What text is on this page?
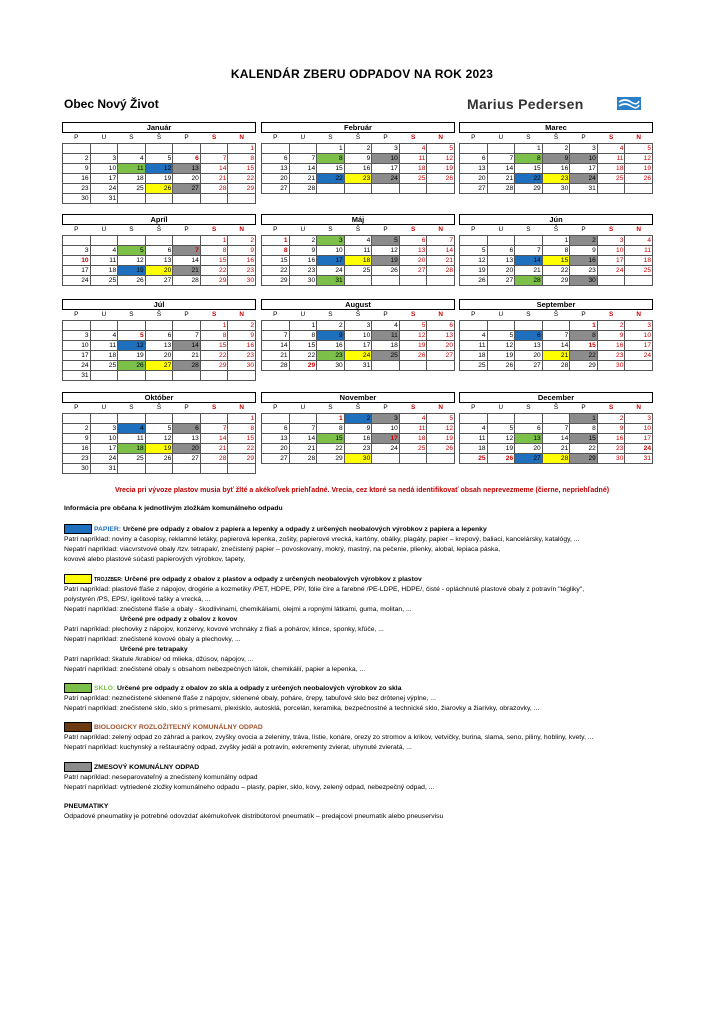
KALENDÁR ZBERU ODPADOV NA ROK 2023
Obec Nový Život	Marius Pedersen
Január
P	U	S	Š	P	S	N
						1
2	3	4	5	6	7	8
9	10	11	12	13	14	15
16	17	18	19	20	21	22
23	24	25	26	27	28	29
30	31					
Február
P	U	S	Š	P	S	N
		1	2	3	4	5
6	7	8	9	10	11	12
13	14	15	16	17	18	19
20	21	22	23	24	25	26
27	28					
Marec
P	U	S	Š	P	S	N
		1	2	3	4	5
6	7	8	9	10	11	12
13	14	15	16	17	18	19
20	21	22	23	24	25	26
27	28	29	30	31		
Apríl
P	U	S	Š	P	S	N
					1	2
3	4	5	6	7	8	9
10	11	12	13	14	15	16
17	18	19	20	21	22	23
24	25	26	27	28	29	30
Máj
P	U	S	Š	P	S	N
1	2	3	4	5	6	7
8	9	10	11	12	13	14
15	16	17	18	19	20	21
22	23	24	25	26	27	28
29	30	31				
Jún
P	U	S	Š	P	S	N
			1	2	3	4
5	6	7	8	9	10	11
12	13	14	15	16	17	18
19	20	21	22	23	24	25
26	27	28	29	30		
Júl
P	U	S	Š	P	S	N
					1	2
3	4	5	6	7	8	9
10	11	12	13	14	15	16
17	18	19	20	21	22	23
24	25	26	27	28	29	30
31						
August
P	U	S	Š	P	S	N
	1	2	3	4	5	6
7	8	9	10	11	12	13
14	15	16	17	18	19	20
21	22	23	24	25	26	27
28	29	30	31			
September
P	U	S	Š	P	S	N
				1	2	3
4	5	6	7	8	9	10
11	12	13	14	15	16	17
18	19	20	21	22	23	24
25	26	27	28	29	30	
Október
P	U	S	Š	P	S	N
						1
2	3	4	5	6	7	8
9	10	11	12	13	14	15
16	17	18	19	20	21	22
23	24	25	26	27	28	29
30	31					
November
P	U	S	Š	P	S	N
		1	2	3	4	5
6	7	8	9	10	11	12
13	14	15	16	17	18	19
20	21	22	23	24	25	26
27	28	29	30			
December
P	U	S	Š	P	S	N
				1	2	3
4	5	6	7	8	9	10
11	12	13	14	15	16	17
18	19	20	21	22	23	24
25	26	27	28	29	30	31
Vrecia pri vývoze plastov musia byť žlté a akékoľvek priehľadné. Vrecia, cez ktoré sa nedá identifikovať obsah neprevezmeme (čierne, nepriehľadné)
Informácia pre občana k jednotlivým zložkám komunálneho odpadu
PAPIER: Určené pre odpady z obalov z papiera a lepenky a odpady z určených neobalových výrobkov z papiera a lepenky
Patrí napríklad: noviny a časopisy, reklamné letáky, papierová lepenka, zošity, papierové vrecká, kartóny, obálky, plagáty, papier – krepový, baliaci, kancelársky, katalógy, ...
Nepatrí napríklad: viacvrstvové obaly /tzv. tetrapak/, znečistený papier – povoskovaný, mokrý, mastný, na pečenie, plienky, alobal, lepiaca páska,
kovové alebo plastové súčasti papierových výrobkov, tapety,
TROJZBER: Určené pre odpady z obalov z plastov a odpady z určených neobalových výrobkov z plastov
Patrí napríklad: plastové fľaše z nápojov, drogérie a kozmetiky /PET, HDPE, PP/, fólie číre a farebné /PE-LDPE, HDPE/, čisté - opláchnuté plastové obaly z potravín "tégliky",
polystyrén /PS, EPS/, igelitové tašky a vrecká, ...
Nepatrí napríklad: znečistené fľaše a obaly - škodlivinami, chemikáliami, olejmi a ropnými látkami, guma, molitan, ...
Určené pre odpady z obalov z kovov
Patrí napríklad: plechovky z nápojov, konzervy, kovové vrchnáky z fliaš a pohárov, klince, sponky, kľúče, ...
Nepatrí napríklad: znečistené kovové obaly a plechovky, ...
Určené pre tetrapaky
Patrí napríklad: škatule /krabice/ od mlieka, džúsov, nápojov, ...
Nepatrí napríklad: znečistené obaly s obsahom nebezpečných látok, chemikálií, papier a lepenka, ...
SKLO: Určené pre odpady z obalov zo skla a odpady z určených neobalových výrobkov zo skla
Patrí napríklad: neznečistené sklenené fľaše z nápojov, sklenené obaly, poháre, črepy, tabuľové sklo bez drôtenej výplne, ...
Nepatrí napríklad: znečistené sklo, sklo s primesami, plexisklo, autosklá, porcelán, keramika, bezpečnostné a technické sklo, žiarovky a žiarivky, obrazovky, ...
BIOLOGICKY ROZLOŽITEĽNÝ KOMUNÁLNY ODPAD
Patrí napríklad: zelený odpad zo záhrad a parkov, zvyšky ovocia a zeleniny, tráva, lístie, konáre, orezy zo stromov a krikov, vetvičky, burina, slama, seno, piliny, hobliny, kvety, ...
Nepatrí napríklad: kuchynský a reštauračný odpad, zvyšky jedál a potravín, exkrementy zvierat, uhynuté zvieratá, ...
ZMESOVÝ KOMUNÁLNY ODPAD
Patrí napríklad: neseparovateľný a znečistený komunálny odpad
Nepatrí napríklad: vytriedené zložky komunálneho odpadu – plasty, papier, sklo, kovy, zelený odpad, nebezpečný odpad, ...
PNEUMATIKY
Odpadové pneumatiky je potrebné odovzdať akémukoľvek distribútorovi pneumatík – predajcovi pneumatík alebo pneuservisu
